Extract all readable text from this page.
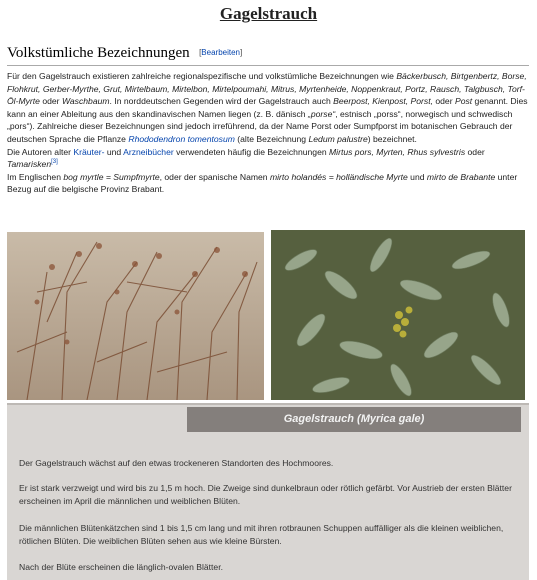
Gagelstrauch
Volkstümliche Bezeichnungen [Bearbeiten]

Für den Gagelstrauch existieren zahlreiche regionalspezifische und volkstümliche Bezeichnungen wie Bäckerbusch, Birtgenbertz, Borse, Flohkrut, Gerber-Myrthe, Grut, Mirtelbaum, Mirtelbon, Mirtelpoumahi, Mitrus, Myrtenheide, Noppenkraut, Portz, Rausch, Talgbusch, Torf-Öl-Myrte oder Waschbaum. In norddeutschen Gegenden wird der Gagelstrauch auch Beerpost, Kienpost, Porst, oder Post genannt. Dies kann an einer Ableitung aus den skandinavischen Namen liegen (z. B. dänisch „porse“, estnisch „porss“, norwegisch und schwedisch „pors“). Zahlreiche dieser Bezeichnungen sind jedoch irreführend, da der Name Porst oder Sumpfporst im botanischen Gebrauch der deutschen Sprache die Pflanze Rhododendron tomentosum (alte Bezeichnung Ledum palustre) bezeichnet.

Die Autoren alter Kräuter- und Arzneibücher verwendeten häufig die Bezeichnungen Mirtus pors, Myrten, Rhus sylvestris oder Tamarisken[3]

Im Englischen bog myrtle = Sumpfmyrte, oder der spanische Namen mirto holandés = holländische Myrte und mirto de Brabante unter Bezug auf die belgische Provinz Brabant.

Gagelstrauch (Myrica gale)
Der Gagelstrauch wächst auf den etwas trockeneren Standorten des Hochmoores.
Er ist stark verzweigt und wird bis zu 1,5 m hoch. Die Zweige sind dunkelbraun oder rötlich gefärbt. Vor Austrieb der ersten Blätter erscheinen im April die männlichen und weiblichen Blüten.
Die männlichen Blütenkätzchen sind 1 bis 1,5 cm lang und mit ihren rotbraunen Schuppen auffälliger als die kleinen weiblichen, rötlichen Blüten. Die weiblichen Blüten sehen aus wie kleine Bürsten.
Nach der Blüte erscheinen die länglich-ovalen Blätter.
